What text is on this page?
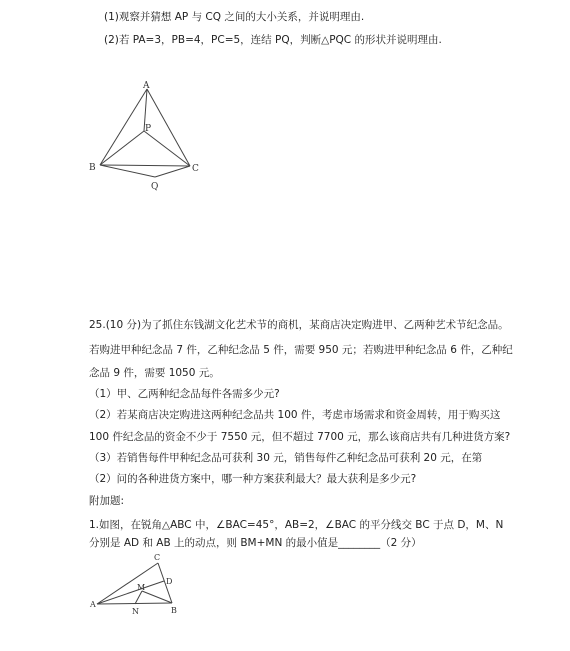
(1)观察并猜想 AP 与 CQ 之间的大小关系，并说明理由.
(2)若 PA=3，PB=4，PC=5，连结 PQ，判断△PQC 的形状并说明理由.
A
P
B	C
Q
25.(10 分)为了抓住东钱湖文化艺术节的商机，某商店决定购进甲、乙两种艺术节纪念品。
若购进甲种纪念品 7 件，乙种纪念品 5 件，需要 950 元；若购进甲种纪念品 6 件，乙种纪
念品 9 件，需要 1050 元。
（1）甲、乙两种纪念品每件各需多少元?
（2）若某商店决定购进这两种纪念品共 100 件，考虑市场需求和资金周转，用于购买这
100 件纪念品的资金不少于 7550 元，但不超过 7700 元，那么该商店共有几种进货方案?
（3）若销售每件甲种纪念品可获利 30 元，销售每件乙种纪念品可获利 20 元，在第
（2）问的各种进货方案中，哪一种方案获利最大？最大获利是多少元?
附加题:
1.如图，在锐角△ABC 中，∠BAC=45°，AB=2，∠BAC 的平分线交 BC 于点 D，M、N
分别是 AD 和 AB 上的动点，则 BM+MN 的最小值是________（2 分）
C
D
M
A
N	B
